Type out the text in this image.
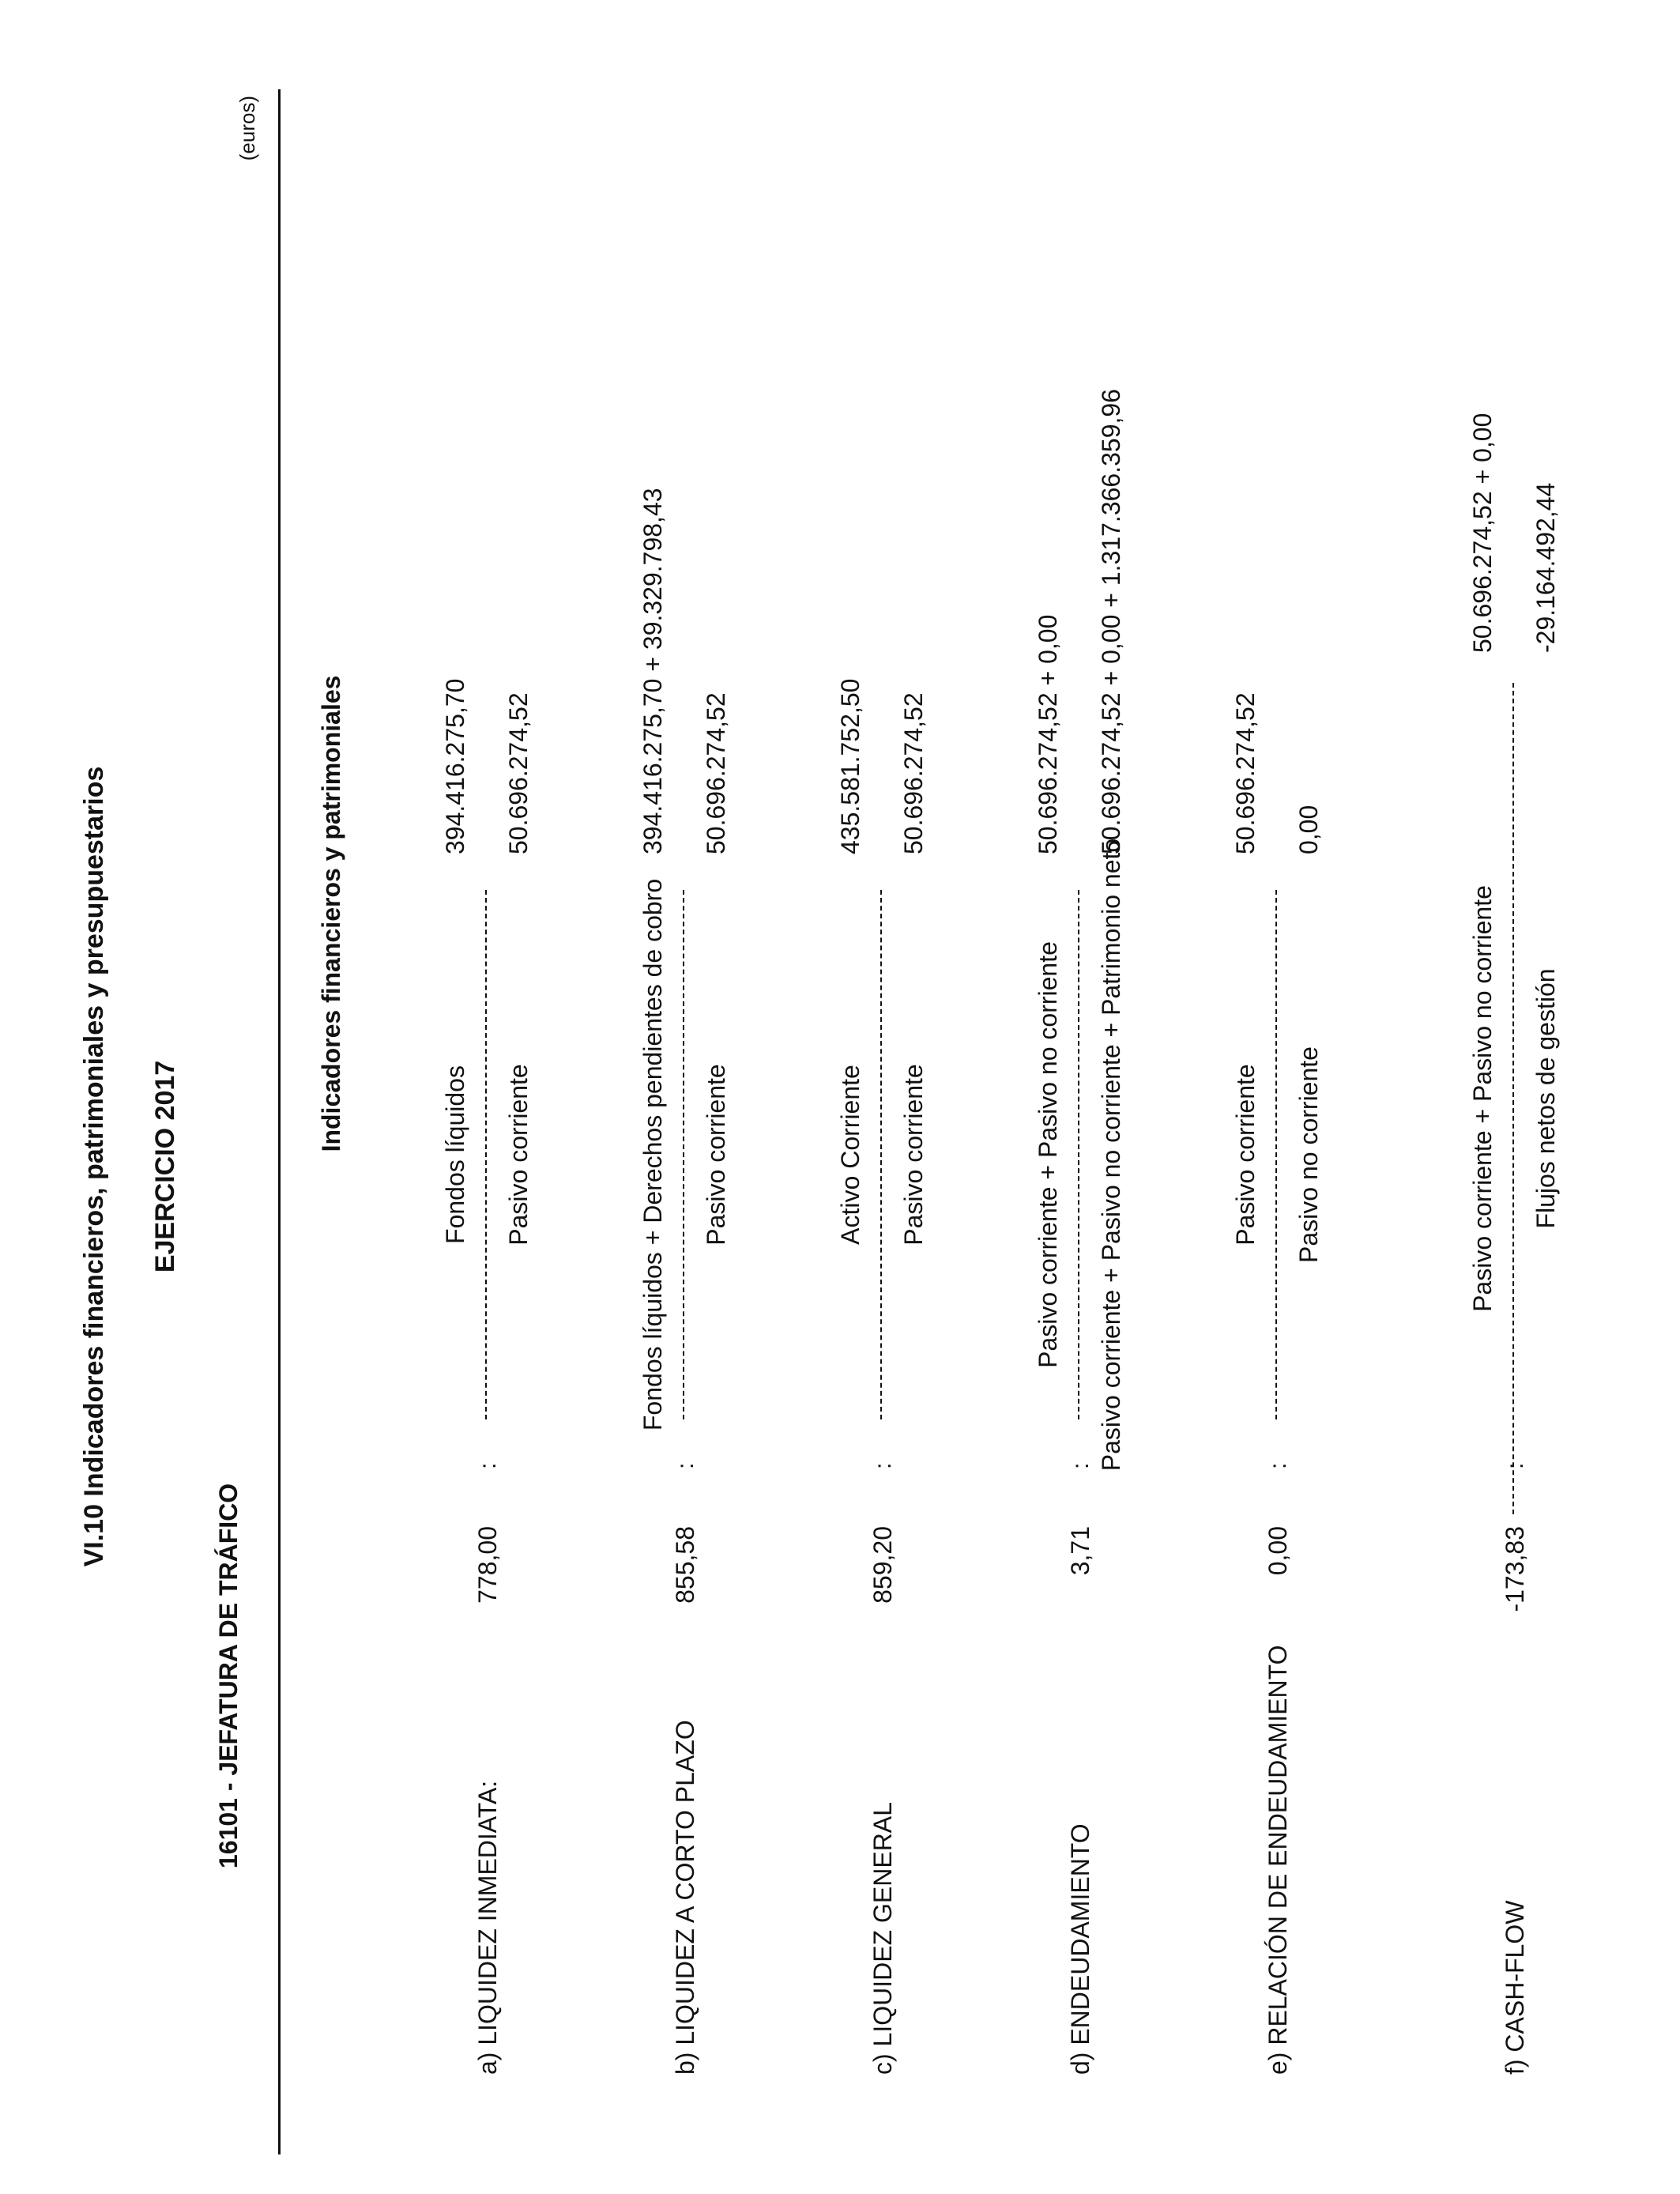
VI.10 Indicadores financieros, patrimoniales y presupuestarios EJERCICIO 2017
16101 - JEFATURA DE TRÁFICO
(euros)
Indicadores financieros y patrimoniales
a) LIQUIDEZ INMEDIATA:
778,00
:
Fondos líquidos Pasivo corriente
394.416.275,70 50.696.274,52
b) LIQUIDEZ A CORTO PLAZO
855,58
:
Fondos líquidos + Derechos pendientes de cobro Pasivo corriente
394.416.275,70 + 39.329.798,43 50.696.274,52
c) LIQUIDEZ GENERAL
859,20
:
Activo Corriente Pasivo corriente
435.581.752,50 50.696.274,52
d) ENDEUDAMIENTO
3,71
:
Pasivo corriente + Pasivo no corriente Pasivo corriente + Pasivo no corriente + Patrimonio neto
50.696.274,52 + 0,00 50.696.274,52 + 0,00 + 1.317.366.359,96
e) RELACIÓN DE ENDEUDAMIENTO
0,00
:
Pasivo corriente Pasivo no corriente
50.696.274,52 0,00
f) CASH-FLOW
-173,83
:
Pasivo corriente + Pasivo no corriente Flujos netos de gestión
50.696.274,52 + 0,00 -29.164.492,44
